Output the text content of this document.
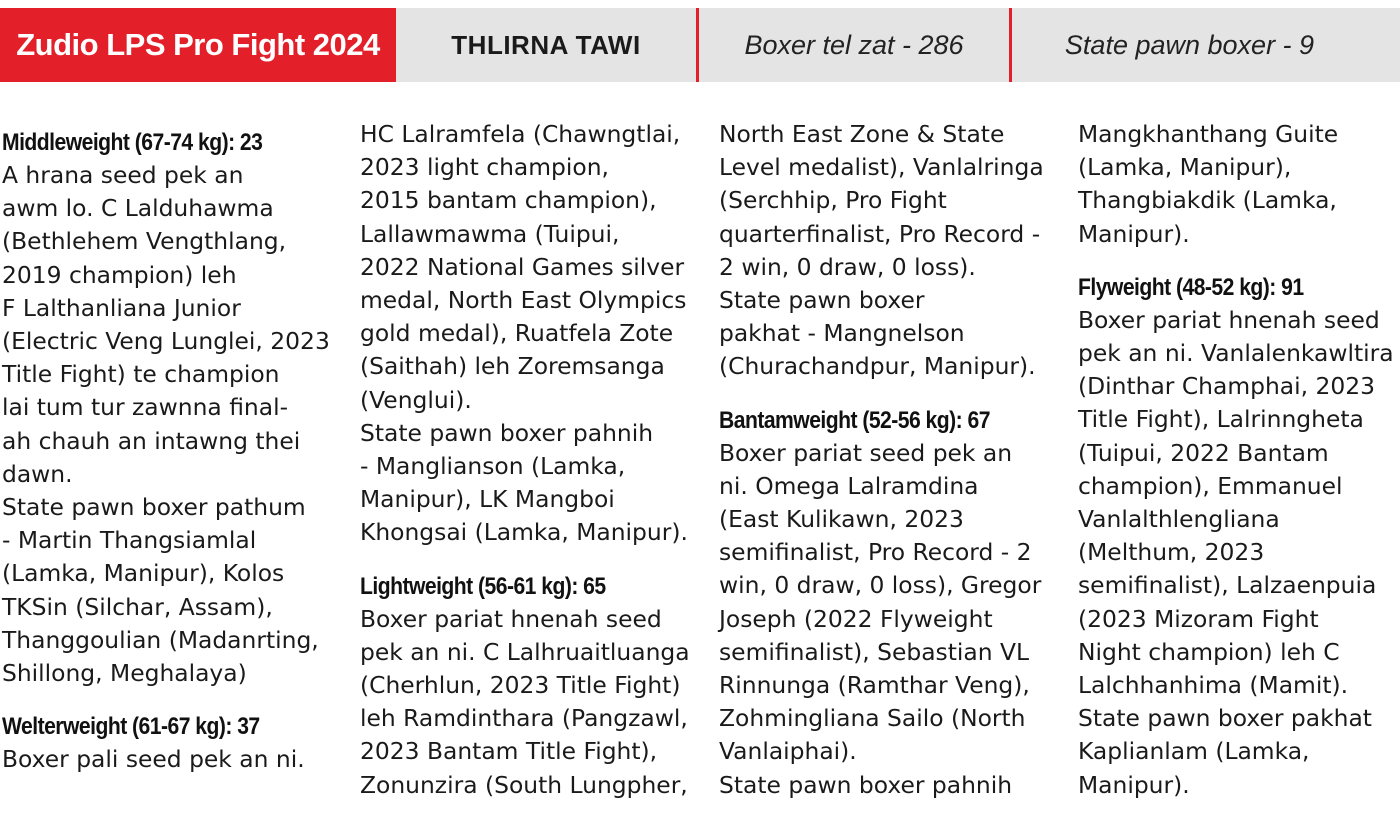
Zudio LPS Pro Fight 2024	THLIRNA TAWI	Boxer tel zat - 286	State pawn boxer - 9
Middleweight (67-74 kg): 23

A hrana seed pek an

awm lo. C Lalduhawma

(Bethlehem Vengthlang,

2019 champion) leh

F Lalthanliana Junior

(Electric Veng Lunglei, 2023

Title Fight) te champion

lai tum tur zawnna final-

ah chauh an intawng thei

dawn.

State pawn boxer pathum

- Martin Thangsiamlal

(Lamka, Manipur), Kolos

TKSin (Silchar, Assam),

Thanggoulian (Madanrting,

Shillong, Meghalaya)

Welterweight (61-67 kg): 37

Boxer pali seed pek an ni.

HC Lalramfela (Chawngtlai,

2023 light champion,

2015 bantam champion),

Lallawmawma (Tuipui,

2022 National Games silver

medal, North East Olympics

gold medal), Ruatfela Zote

(Saithah) leh Zoremsanga

(Venglui).

State pawn boxer pahnih

- Manglianson (Lamka,

Manipur), LK Mangboi

Khongsai (Lamka, Manipur).

Lightweight (56-61 kg): 65

Boxer pariat hnenah seed

pek an ni. C Lalhruaitluanga

(Cherhlun, 2023 Title Fight)

leh Ramdinthara (Pangzawl,

2023 Bantam Title Fight),

Zonunzira (South Lungpher,

North East Zone & State

Level medalist), Vanlalringa

(Serchhip, Pro Fight

quarterfinalist, Pro Record -

2 win, 0 draw, 0 loss).

State pawn boxer

pakhat - Mangnelson

(Churachandpur, Manipur).

Bantamweight (52-56 kg): 67

Boxer pariat seed pek an

ni. Omega Lalramdina

(East Kulikawn, 2023

semifinalist, Pro Record - 2

win, 0 draw, 0 loss), Gregor

Joseph (2022 Flyweight

semifinalist), Sebastian VL

Rinnunga (Ramthar Veng),

Zohmingliana Sailo (North

Vanlaiphai).

State pawn boxer pahnih

Mangkhanthang Guite

(Lamka, Manipur),

Thangbiakdik (Lamka,

Manipur).

Flyweight (48-52 kg): 91

Boxer pariat hnenah seed

pek an ni. Vanlalenkawltira

(Dinthar Champhai, 2023

Title Fight), Lalrinngheta

(Tuipui, 2022 Bantam

champion), Emmanuel

Vanlalthlengliana

(Melthum, 2023

semifinalist), Lalzaenpuia

(2023 Mizoram Fight

Night champion) leh C

Lalchhanhima (Mamit).

State pawn boxer pakhat

Kaplianlam (Lamka,

Manipur).
